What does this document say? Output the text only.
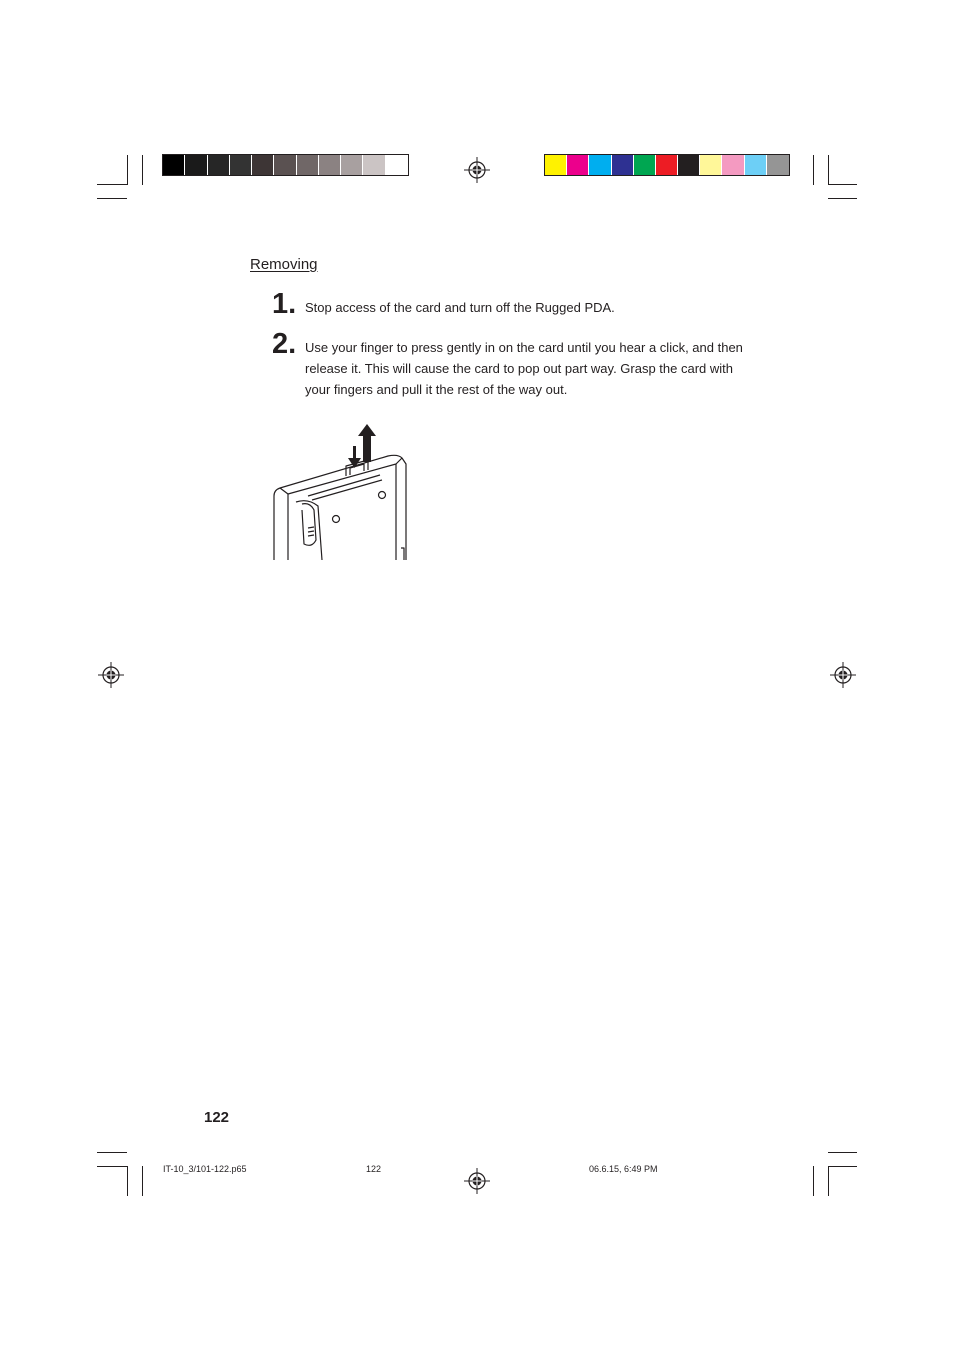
Removing
1. Stop access of the card and turn off the Rugged PDA.
2. Use your finger to press gently in on the card until you hear a click, and then release it. This will cause the card to pop out part way. Grasp the card with your fingers and pull it the rest of the way out.
122
IT-10_3/101-122.p65	122	06.6.15, 6:49 PM
